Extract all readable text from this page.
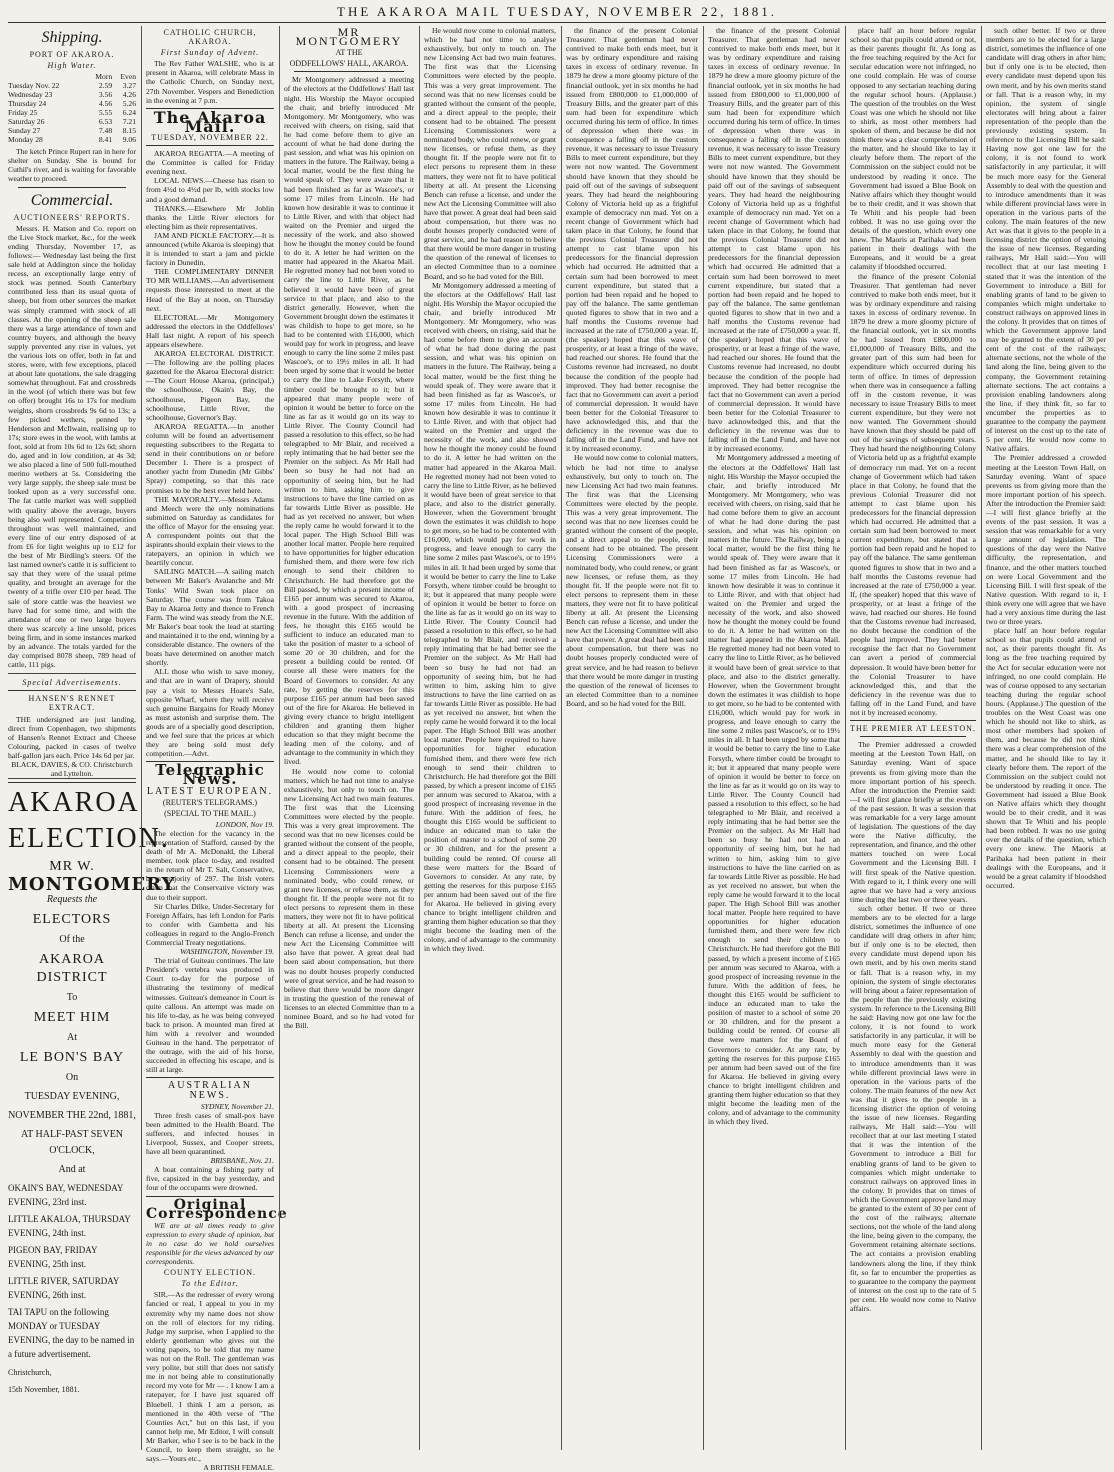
THE AKAROA MAIL TUESDAY, NOVEMBER 22, 1881.
Shipping.
PORT OF AKAROA.
High Water.
	Morn	Even
Tuesday Nov. 22	2.59	3.27
Wednesday 23	3.56	4.26
Thursday 24	4.56	5.26
Friday 25	5.55	6.24
Saturday 26	6.53	7.21
Sunday 27	7.48	8.15
Monday 28	8.41	9.06

The ketch Prince Rupert ran in here for shelter on Sunday. She is bound for Cuthil's river, and is waiting for favorable weather to proceed.

Commercial.
AUCTIONEERS' REPORTS.

Messrs. H. Matson and Co. report on the Live Stock market, &c., for the week ending Thursday, November 17, as follows:— Wednesday last being the first sale held at Addington since the holiday recess, an exceptionally large entry of stock was penned. South Canterbury contributed less than its usual quota of sheep, but from other sources the market was simply crammed with stock of all classes. At the opening of the sheep sale there was a large attendance of town and country buyers, and although the heavy supply prevented any rise in values, yet the various lots on offer, both in fat and stores, were, with few exceptions, placed at about late quotations, the sale dragging somewhat throughout. Fat and crossbreds in the wool (of which there was but few on offer) brought 16s to 17s for medium weights, shorn crossbreds 9s 6d to 13s; a few picked wethers, penned by Henderson and McIlwain, realising up to 17s; store ewes in the wool, with lambs at foot, sold at from 10s 6d to 12s 6d; shorn do, aged and in low condition, at 4s 3d; we also placed a line of 500 full-mouthed merino wethers at 5s. Considering the very large supply, the sheep sale must be looked upon as a very successful one. The fat cattle market was well supplied with quality above the average, buyers being also well represented. Competition throughout was well maintained, and every line of our entry disposed of at from £6 for light weights up to £12 for the best of Mr Birdling's steers. Of the last named owner's cattle it is sufficient to say that they were of the usual prime quality, and brought an average for the twenty of a trifle over £10 per head. The sale of store cattle was the heaviest we have had for some time, and with the attendance of one or two large buyers there was scarcely a line unsold, prices being firm, and in some instances marked by an advance. The totals yarded for the day comprised 8078 sheep, 789 head of cattle, 111 pigs.

Special Advertisements.
HANSEN'S RENNET EXTRACT.

THE undersigned are just landing, direct from Copenhagen, two shipments of Hansen's Rennet Extract and Cheese Colouring, packed in cases of twelve half-gallon jars each. Price 14s 6d per jar.

BLACK, DAVIES, & CO. Christchurch and Lyttelton.
AKAROA
ELECTION.
MR W.
MONTGOMERY
Requests the
ELECTORS
Of the
AKAROA DISTRICT
To
MEET HIM
At
LE BON'S BAY
On
TUESDAY EVENING,
NOVEMBER THE 22nd, 1881,
AT HALF-PAST SEVEN O'CLOCK,
And at
OKAIN'S BAY, WEDNESDAY EVENING, 23rd inst.
LITTLE AKALOA, THURSDAY EVENING, 24th inst.
PIGEON BAY, FRIDAY EVENING, 25th inst.
LITTLE RIVER, SATURDAY EVENING, 26th inst.
TAI TAPU on the following MONDAY or TUESDAY EVENING, the day to be named in a future advertisement.
Christchurch,
15th November, 1881.
CATHOLIC CHURCH, AKAROA.
First Sunday of Advent.

The Rev Father WALSHE, who is at present in Akaroa, will celebrate Mass in the Catholic Church, on Sunday next, 27th November. Vespers and Benediction in the evening at 7 p.m.

The Akaroa Mail.
TUESDAY, NOVEMBER 22.

AKAROA REGATTA.—A meeting of the Committee is called for Friday evening next.

LOCAL NEWS.—Cheese has risen to from 4½d to 4½d per lb, with stocks low and a good demand.

THANKS.—Elsewhere Mr Joblin thanks the Little River electors for electing him as their representatives.

JAM AND PICKLE FACTORY.—It is announced (while Akaroa is sleeping) that it is intended to start a jam and pickle factory in Dunedin.

THE COMPLIMENTARY DINNER TO MR WILLIAMS.—An advertisement requests those interested to meet at the Head of the Bay at noon, on Thursday next.

ELECTORAL.—Mr Montgomery addressed the electors in the Oddfellows' Hall last night. A report of his speech appears elsewhere.

AKAROA ELECTORAL DISTRICT.—The following are the polling places gazetted for the Akaroa Electoral district:—The Court House Akaroa, (principal,) the schoolhouse, Okain's Bay, the schoolhouse, Pigeon Bay, the schoolhouse, Little River, the schoolhouse, Governor's Bay.

AKAROA REGATTA.—In another column will be found an advertisement requesting subscribers to the Regatta to send in their contributions on or before December 1. There is a prospect of another yacht from Dunedin (Mr Gibbs' Spray) competing, so that this race promises to be the best ever held here.

THE MAYORALTY.—Messrs Adams and Meech were the only nominations submitted on Saturday as candidates for the office of Mayor for the ensuing year. A correspondent points out that the aspirants should explain their views to the ratepayers, an opinion in which we heartily concur.

SAILING MATCH.—A sailing match between Mr Baker's Avalanche and Mr Tonks' Wild Swan took place on Saturday. The course was from Takoa Bay to Akaroa Jetty and thence to French Farm. The wind was steady from the N.E. Mr Baker's boat took the lead at starting and maintained it to the end, winning by a considerable distance. The owners of the boats have determined on another match shortly.

ALL those who wish to save money, and that are in want of Drapery, should pay a visit to Messrs Hoare's Sale, opposite Wharf, where they will receive such genuine Bargains for Ready Money as must astonish and surprise them. The goods are of a specially good description, and we feel sure that the prices at which they are being sold must defy competition.—Advt.

Telegraphic News.
LATEST EUROPEAN.
(REUTER'S TELEGRAMS.)
(SPECIAL TO THE MAIL.)
LONDON, Nov 19.

The election for the vacancy in the representation of Stafford, caused by the death of Mr A. McDonald, the Liberal member, took place to-day, and resulted in the return of Mr T. Salt, Conservative, by a majority of 297. The Irish voters claim that the Conservative victory was due to their support.

Sir Charles Dilke, Under-Secretary for Foreign Affairs, has left London for Paris to confer with Gambetta and his colleagues in regard to the Anglo-French Commercial Treaty negotiations.

WASHINGTON, November 19.

The trial of Guiteau continues. The late President's vertebra was produced in Court to-day for the purpose of illustrating the testimony of medical witnesses. Guiteau's demeanor in Court is quite callous. An attempt was made on his life to-day, as he was being conveyed back to prison. A mounted man fired at him with a revolver and wounded Guiteau in the hand. The perpetrator of the outrage, with the aid of his horse, succeeded in effecting his escape, and is still at large.

AUSTRALIAN NEWS.
SYDNEY, November 21.

Three fresh cases of small-pox have been admitted to the Health Board. The sufferers, and infected houses in Liverpool, Sussex, and Cooper streets, have all been quarantined.

BRISBANE, Nov. 21.

A boat containing a fishing party of five, capsized in the bay yesterday, and four of the occupants were drowned.

Original Correspondence

WE are at all times ready to give expression to every shade of opinion, but in no case do we hold ourselves responsible for the views advanced by our correspondents.

COUNTY ELECTION.
To the Editor.

SIR,—As the redresser of every wrong fancied or real, I appeal to you in my extremity why my name does not show on the roll of electors for my riding. Judge my surprise, when I applied to the elderly gentleman who gives out the voting papers, to be told that my name was not on the Roll. The gentleman was very polite, but still that does not satisfy me in not being able to constitutionally record my vote for Mr — . I know I am a ratepayer, for I have just squared off Bluebell. I think I am a person, as mentioned in the 40th verse of "The Counties Act," but on this last, if you cannot help me, Mr Editor, I will consult Mr Barker, who I see is to be back in the Council, to keep them straight, so he says.—Yours etc.,

A BRITISH FEMALE.
MR MONTGOMERY
AT THE
ODDFELLOWS' HALL, AKAROA.

Mr Montgomery addressed a meeting of the electors at the Oddfellows' Hall last night. His Worship the Mayor occupied the chair, and briefly introduced Mr Montgomery. Mr Montgomery, who was received with cheers, on rising, said that he had come before them to give an account of what he had done during the past session, and what was his opinion on matters in the future. The Railway, being a local matter, would be the first thing he would speak of. They were aware that it had been finished as far as Wascoe's, or some 17 miles from Lincoln. He had known how desirable it was to continue it to Little River, and with that object had waited on the Premier and urged the necessity of the work, and also showed how he thought the money could be found to do it. A letter he had written on the matter had appeared in the Akaroa Mail. He regretted money had not been voted to carry the line to Little River, as he believed it would have been of great service to that place, and also to the district generally. However, when the Government brought down the estimates it was childish to hope to get more, so he had to be contented with £16,000, which would pay for work in progress, and leave enough to carry the line some 2 miles past Wascoe's, or to 19½ miles in all. It had been urged by some that it would be better to carry the line to Lake Forsyth, where timber could be brought to it; but it appeared that many people were of opinion it would be better to force on the line as far as it would go on its way to Little River. The County Council had passed a resolution to this effect, so he had telegraphed to Mr Blair, and received a reply intimating that he had better see the Premier on the subject. As Mr Hall had been so busy he had not had an opportunity of seeing him, but he had written to him, asking him to give instructions to have the line carried on as far towards Little River as possible. He had as yet received no answer, but when the reply came he would forward it to the local paper. The High School Bill was another local matter. People here required to have opportunities for higher education furnished them, and there were few rich enough to send their children to Christchurch. He had therefore got the Bill passed, by which a present income of £165 per annum was secured to Akaroa, with a good prospect of increasing revenue in the future. With the addition of fees, he thought this £165 would be sufficient to induce an educated man to take the position of master to a school of some 20 or 30 children, and for the present a building could be rented. Of course all these were matters for the Board of Governors to consider. At any rate, by getting the reserves for this purpose £165 per annum had been saved out of the fire for Akaroa. He believed in giving every chance to bright intelligent children and granting them higher education so that they might become the leading men of the colony, and of advantage to the community in which they lived.

He would now come to colonial matters, which he had not time to analyse exhaustively, but only to touch on. The new Licensing Act had two main features. The first was that the Licensing Committees were elected by the people. This was a very great improvement. The second was that no new licenses could be granted without the consent of the people, and a direct appeal to the people, their consent had to be obtained. The present Licensing Commissioners were a nominated body, who could renew, or grant new licenses, or refuse them, as they thought fit. If the people were not fit to elect persons to represent them in these matters, they were not fit to have political liberty at all. At present the Licensing Bench can refuse a license, and under the new Act the Licensing Committee will also have that power. A great deal had been said about compensation, but there was no doubt houses properly conducted were of great service, and he had reason to believe that there would be more danger in trusting the question of the renewal of licenses to an elected Committee than to a nominee Board, and so he had voted for the Bill.

He would now come to colonial matters, which he had not time to analyse exhaustively, but only to touch on. The new Licensing Act had two main features. The first was that the Licensing Committees were elected by the people. This was a very great improvement. The second was that no new licenses could be granted without the consent of the people, and a direct appeal to the people, their consent had to be obtained. The present Licensing Commissioners were a nominated body, who could renew, or grant new licenses, or refuse them, as they thought fit. If the people were not fit to elect persons to represent them in these matters, they were not fit to have political liberty at all. At present the Licensing Bench can refuse a license, and under the new Act the Licensing Committee will also have that power. A great deal had been said about compensation, but there was no doubt houses properly conducted were of great service, and he had reason to believe that there would be more danger in trusting the question of the renewal of licenses to an elected Committee than to a nominee Board, and so he had voted for the Bill.

Mr Montgomery addressed a meeting of the electors at the Oddfellows' Hall last night. His Worship the Mayor occupied the chair, and briefly introduced Mr Montgomery. Mr Montgomery, who was received with cheers, on rising, said that he had come before them to give an account of what he had done during the past session, and what was his opinion on matters in the future. The Railway, being a local matter, would be the first thing he would speak of. They were aware that it had been finished as far as Wascoe's, or some 17 miles from Lincoln. He had known how desirable it was to continue it to Little River, and with that object had waited on the Premier and urged the necessity of the work, and also showed how he thought the money could be found to do it. A letter he had written on the matter had appeared in the Akaroa Mail. He regretted money had not been voted to carry the line to Little River, as he believed it would have been of great service to that place, and also to the district generally. However, when the Government brought down the estimates it was childish to hope to get more, so he had to be contented with £16,000, which would pay for work in progress, and leave enough to carry the line some 2 miles past Wascoe's, or to 19½ miles in all. It had been urged by some that it would be better to carry the line to Lake Forsyth, where timber could be brought to it; but it appeared that many people were of opinion it would be better to force on the line as far as it would go on its way to Little River. The County Council had passed a resolution to this effect, so he had telegraphed to Mr Blair, and received a reply intimating that he had better see the Premier on the subject. As Mr Hall had been so busy he had not had an opportunity of seeing him, but he had written to him, asking him to give instructions to have the line carried on as far towards Little River as possible. He had as yet received no answer, but when the reply came he would forward it to the local paper. The High School Bill was another local matter. People here required to have opportunities for higher education furnished them, and there were few rich enough to send their children to Christchurch. He had therefore got the Bill passed, by which a present income of £165 per annum was secured to Akaroa, with a good prospect of increasing revenue in the future. With the addition of fees, he thought this £165 would be sufficient to induce an educated man to take the position of master to a school of some 20 or 30 children, and for the present a building could be rented. Of course all these were matters for the Board of Governors to consider. At any rate, by getting the reserves for this purpose £165 per annum had been saved out of the fire for Akaroa. He believed in giving every chance to bright intelligent children and granting them higher education so that they might become the leading men of the colony, and of advantage to the community in which they lived.

the finance of the present Colonial Treasurer. That gentleman had never contrived to make both ends meet, but it was by ordinary expenditure and raising taxes in excess of ordinary revenue. In 1879 he drew a more gloomy picture of the financial outlook, yet in six months he had issued from £800,000 to £1,000,000 of Treasury Bills, and the greater part of this sum had been for expenditure which occurred during his term of office. In times of depression when there was in consequence a falling off in the custom revenue, it was necessary to issue Treasury Bills to meet current expenditure, but they were not now wanted. The Government should have known that they should be paid off out of the savings of subsequent years. They had heard the neighbouring Colony of Victoria held up as a frightful example of democracy run mad. Yet on a recent change of Government which had taken place in that Colony, he found that the previous Colonial Treasurer did not attempt to cast blame upon his predecessors for the financial depression which had occurred. He admitted that a certain sum had been borrowed to meet current expenditure, but stated that a portion had been repaid and he hoped to pay off the balance. The same gentleman quoted figures to show that in two and a half months the Customs revenue had increased at the rate of £750,000 a year. If, (the speaker) hoped that this wave of prosperity, or at least a fringe of the wave, had reached our shores. He found that the Customs revenue had increased, no doubt because the condition of the people had improved. They had better recognise the fact that no Government can avert a period of commercial depression. It would have been better for the Colonial Treasurer to have acknowledged this, and that the deficiency in the revenue was due to falling off in the Land Fund, and have not it by increased economy.

He would now come to colonial matters, which he had not time to analyse exhaustively, but only to touch on. The new Licensing Act had two main features. The first was that the Licensing Committees were elected by the people. This was a very great improvement. The second was that no new licenses could be granted without the consent of the people, and a direct appeal to the people, their consent had to be obtained. The present Licensing Commissioners were a nominated body, who could renew, or grant new licenses, or refuse them, as they thought fit. If the people were not fit to elect persons to represent them in these matters, they were not fit to have political liberty at all. At present the Licensing Bench can refuse a license, and under the new Act the Licensing Committee will also have that power. A great deal had been said about compensation, but there was no doubt houses properly conducted were of great service, and he had reason to believe that there would be more danger in trusting the question of the renewal of licenses to an elected Committee than to a nominee Board, and so he had voted for the Bill.

the finance of the present Colonial Treasurer. That gentleman had never contrived to make both ends meet, but it was by ordinary expenditure and raising taxes in excess of ordinary revenue. In 1879 he drew a more gloomy picture of the financial outlook, yet in six months he had issued from £800,000 to £1,000,000 of Treasury Bills, and the greater part of this sum had been for expenditure which occurred during his term of office. In times of depression when there was in consequence a falling off in the custom revenue, it was necessary to issue Treasury Bills to meet current expenditure, but they were not now wanted. The Government should have known that they should be paid off out of the savings of subsequent years. They had heard the neighbouring Colony of Victoria held up as a frightful example of democracy run mad. Yet on a recent change of Government which had taken place in that Colony, he found that the previous Colonial Treasurer did not attempt to cast blame upon his predecessors for the financial depression which had occurred. He admitted that a certain sum had been borrowed to meet current expenditure, but stated that a portion had been repaid and he hoped to pay off the balance. The same gentleman quoted figures to show that in two and a half months the Customs revenue had increased at the rate of £750,000 a year. If, (the speaker) hoped that this wave of prosperity, or at least a fringe of the wave, had reached our shores. He found that the Customs revenue had increased, no doubt because the condition of the people had improved. They had better recognise the fact that no Government can avert a period of commercial depression. It would have been better for the Colonial Treasurer to have acknowledged this, and that the deficiency in the revenue was due to falling off in the Land Fund, and have not it by increased economy.

Mr Montgomery addressed a meeting of the electors at the Oddfellows' Hall last night. His Worship the Mayor occupied the chair, and briefly introduced Mr Montgomery. Mr Montgomery, who was received with cheers, on rising, said that he had come before them to give an account of what he had done during the past session, and what was his opinion on matters in the future. The Railway, being a local matter, would be the first thing he would speak of. They were aware that it had been finished as far as Wascoe's, or some 17 miles from Lincoln. He had known how desirable it was to continue it to Little River, and with that object had waited on the Premier and urged the necessity of the work, and also showed how he thought the money could be found to do it. A letter he had written on the matter had appeared in the Akaroa Mail. He regretted money had not been voted to carry the line to Little River, as he believed it would have been of great service to that place, and also to the district generally. However, when the Government brought down the estimates it was childish to hope to get more, so he had to be contented with £16,000, which would pay for work in progress, and leave enough to carry the line some 2 miles past Wascoe's, or to 19½ miles in all. It had been urged by some that it would be better to carry the line to Lake Forsyth, where timber could be brought to it; but it appeared that many people were of opinion it would be better to force on the line as far as it would go on its way to Little River. The County Council had passed a resolution to this effect, so he had telegraphed to Mr Blair, and received a reply intimating that he had better see the Premier on the subject. As Mr Hall had been so busy he had not had an opportunity of seeing him, but he had written to him, asking him to give instructions to have the line carried on as far towards Little River as possible. He had as yet received no answer, but when the reply came he would forward it to the local paper. The High School Bill was another local matter. People here required to have opportunities for higher education furnished them, and there were few rich enough to send their children to Christchurch. He had therefore got the Bill passed, by which a present income of £165 per annum was secured to Akaroa, with a good prospect of increasing revenue in the future. With the addition of fees, he thought this £165 would be sufficient to induce an educated man to take the position of master to a school of some 20 or 30 children, and for the present a building could be rented. Of course all these were matters for the Board of Governors to consider. At any rate, by getting the reserves for this purpose £165 per annum had been saved out of the fire for Akaroa. He believed in giving every chance to bright intelligent children and granting them higher education so that they might become the leading men of the colony, and of advantage to the community in which they lived.

place half an hour before regular school so that pupils could attend or not, as their parents thought fit. As long as the free teaching required by the Act for secular education were not infringed, no one could complain. He was of course opposed to any sectarian teaching during the regular school hours. (Applause.) The question of the troubles on the West Coast was one which he should not like to shirk, as most other members had spoken of them, and because he did not think there was a clear comprehension of the matter, and he should like to lay it clearly before them. The report of the Commission on the subject could not be understood by reading it once. The Government had issued a Blue Book on Native affairs which they thought would be to their credit, and it was shown that Te Whiti and his people had been robbed. It was no use going over the details of the question, which every one knew. The Maoris at Parihaka had been patient in their dealings with the Europeans, and it would be a great calamity if bloodshed occurred.

the finance of the present Colonial Treasurer. That gentleman had never contrived to make both ends meet, but it was by ordinary expenditure and raising taxes in excess of ordinary revenue. In 1879 he drew a more gloomy picture of the financial outlook, yet in six months he had issued from £800,000 to £1,000,000 of Treasury Bills, and the greater part of this sum had been for expenditure which occurred during his term of office. In times of depression when there was in consequence a falling off in the custom revenue, it was necessary to issue Treasury Bills to meet current expenditure, but they were not now wanted. The Government should have known that they should be paid off out of the savings of subsequent years. They had heard the neighbouring Colony of Victoria held up as a frightful example of democracy run mad. Yet on a recent change of Government which had taken place in that Colony, he found that the previous Colonial Treasurer did not attempt to cast blame upon his predecessors for the financial depression which had occurred. He admitted that a certain sum had been borrowed to meet current expenditure, but stated that a portion had been repaid and he hoped to pay off the balance. The same gentleman quoted figures to show that in two and a half months the Customs revenue had increased at the rate of £750,000 a year. If, (the speaker) hoped that this wave of prosperity, or at least a fringe of the wave, had reached our shores. He found that the Customs revenue had increased, no doubt because the condition of the people had improved. They had better recognise the fact that no Government can avert a period of commercial depression. It would have been better for the Colonial Treasurer to have acknowledged this, and that the deficiency in the revenue was due to falling off in the Land Fund, and have not it by increased economy.

THE PREMIER AT LEESTON.

The Premier addressed a crowded meeting at the Leeston Town Hall, on Saturday evening. Want of space prevents us from giving more than the more important portion of his speech. After the introduction the Premier said:—I will first glance briefly at the events of the past session. It was a session that was remarkable for a very large amount of legislation. The questions of the day were the Native difficulty, the representation, and finance, and the other matters touched on were Local Government and the Licensing Bill. I will first speak of the Native question. With regard to it, I think every one will agree that we have had a very anxious time during the last two or three years.

such other better. If two or three members are to be elected for a large district, sometimes the influence of one candidate will drag others in after him; but if only one is to be elected, then every candidate must depend upon his own merit, and by his own merits stand or fall. That is a reason why, in my opinion, the system of single electorates will bring about a fairer representation of the people than the previously existing system. In reference to the Licensing Bill he said: Having now got one law for the colony, it is not found to work satisfactorily in any particular, it will be much more easy for the General Assembly to deal with the question and to introduce amendments than it was while different provincial laws were in operation in the various parts of the colony. The main features of the new Act was that it gives to the people in a licensing district the option of vetoing the issue of new licenses. Regarding railways, Mr Hall said:—You will recollect that at our last meeting I stated that it was the intention of the Government to introduce a Bill for enabling grants of land to be given to companies which might undertake to construct railways on approved lines in the colony. It provides that on times of which the Government approve land may be granted to the extent of 30 per cent of the cost of the railways; alternate sections, not the whole of the land along the line, being given to the company, the Government retaining alternate sections. The act contains a provision enabling landowners along the line, if they think fit, so far to encumber the properties as to guarantee to the company the payment of interest on the cost up to the rate of 5 per cent. He would now come to Native affairs.

such other better. If two or three members are to be elected for a large district, sometimes the influence of one candidate will drag others in after him; but if only one is to be elected, then every candidate must depend upon his own merit, and by his own merits stand or fall. That is a reason why, in my opinion, the system of single electorates will bring about a fairer representation of the people than the previously existing system. In reference to the Licensing Bill he said: Having now got one law for the colony, it is not found to work satisfactorily in any particular, it will be much more easy for the General Assembly to deal with the question and to introduce amendments than it was while different provincial laws were in operation in the various parts of the colony. The main features of the new Act was that it gives to the people in a licensing district the option of vetoing the issue of new licenses. Regarding railways, Mr Hall said:—You will recollect that at our last meeting I stated that it was the intention of the Government to introduce a Bill for enabling grants of land to be given to companies which might undertake to construct railways on approved lines in the colony. It provides that on times of which the Government approve land may be granted to the extent of 30 per cent of the cost of the railways; alternate sections, not the whole of the land along the line, being given to the company, the Government retaining alternate sections. The act contains a provision enabling landowners along the line, if they think fit, so far to encumber the properties as to guarantee to the company the payment of interest on the cost up to the rate of 5 per cent. He would now come to Native affairs.

The Premier addressed a crowded meeting at the Leeston Town Hall, on Saturday evening. Want of space prevents us from giving more than the more important portion of his speech. After the introduction the Premier said:—I will first glance briefly at the events of the past session. It was a session that was remarkable for a very large amount of legislation. The questions of the day were the Native difficulty, the representation, and finance, and the other matters touched on were Local Government and the Licensing Bill. I will first speak of the Native question. With regard to it, I think every one will agree that we have had a very anxious time during the last two or three years.

place half an hour before regular school so that pupils could attend or not, as their parents thought fit. As long as the free teaching required by the Act for secular education were not infringed, no one could complain. He was of course opposed to any sectarian teaching during the regular school hours. (Applause.) The question of the troubles on the West Coast was one which he should not like to shirk, as most other members had spoken of them, and because he did not think there was a clear comprehension of the matter, and he should like to lay it clearly before them. The report of the Commission on the subject could not be understood by reading it once. The Government had issued a Blue Book on Native affairs which they thought would be to their credit, and it was shown that Te Whiti and his people had been robbed. It was no use going over the details of the question, which every one knew. The Maoris at Parihaka had been patient in their dealings with the Europeans, and it would be a great calamity if bloodshed occurred.
